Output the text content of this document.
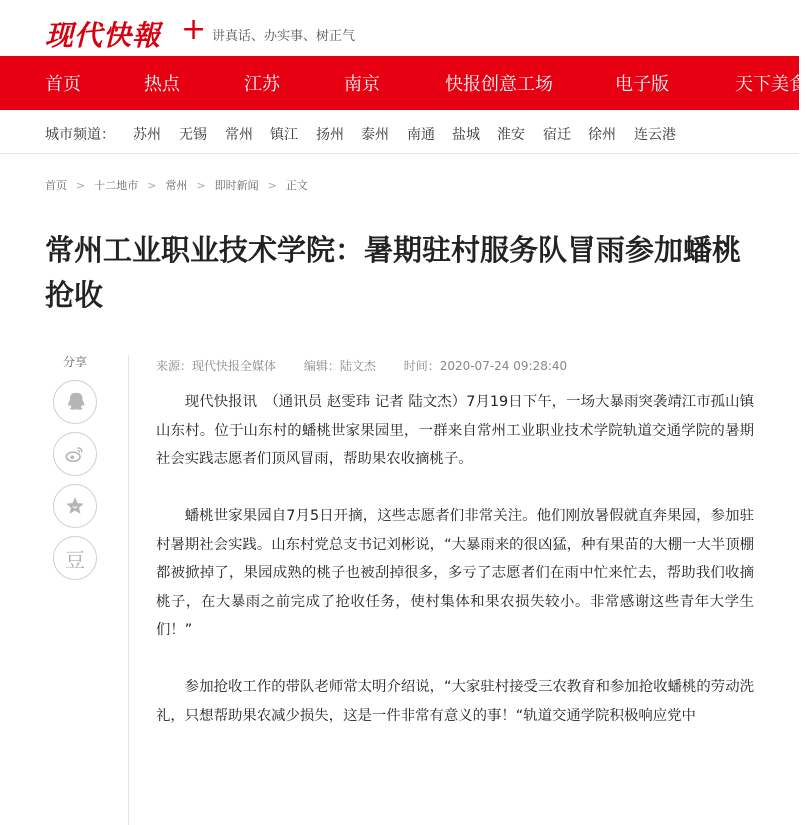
现代快報 + 讲真话、办实事、树正气
首页	热点	江苏	南京	快报创意工场	电子版	天下美食
城市频道： 苏州 无锡 常州 镇江 扬州 泰州 南通 盐城 淮安 宿迁 徐州 连云港
首页 > 十二地市 > 常州 > 即时新闻 > 正文
常州工业职业技术学院：暑期驻村服务队冒雨参加蟠桃抢收
分享
豆
来源：现代快报全媒体 编辑：陆文杰 时间：2020-07-24 09:28:40

现代快报讯　（通讯员 赵雯玮 记者 陆文杰）7月19日下午，一场大暴雨突袭靖江市孤山镇山东村。位于山东村的蟠桃世家果园里，一群来自常州工业职业技术学院轨道交通学院的暑期社会实践志愿者们顶风冒雨，帮助果农收摘桃子。

蟠桃世家果园自7月5日开摘，这些志愿者们非常关注。他们刚放暑假就直奔果园，参加驻村暑期社会实践。山东村党总支书记刘彬说，“大暴雨来的很凶猛，种有果苗的大棚一大半顶棚都被掀掉了，果园成熟的桃子也被刮掉很多，多亏了志愿者们在雨中忙来忙去，帮助我们收摘桃子，在大暴雨之前完成了抢收任务，使村集体和果农损失较小。非常感谢这些青年大学生们！”

参加抢收工作的带队老师常太明介绍说，“大家驻村接受三农教育和参加抢收蟠桃的劳动洗礼，只想帮助果农减少损失，这是一件非常有意义的事！“轨道交通学院积极响应党中
